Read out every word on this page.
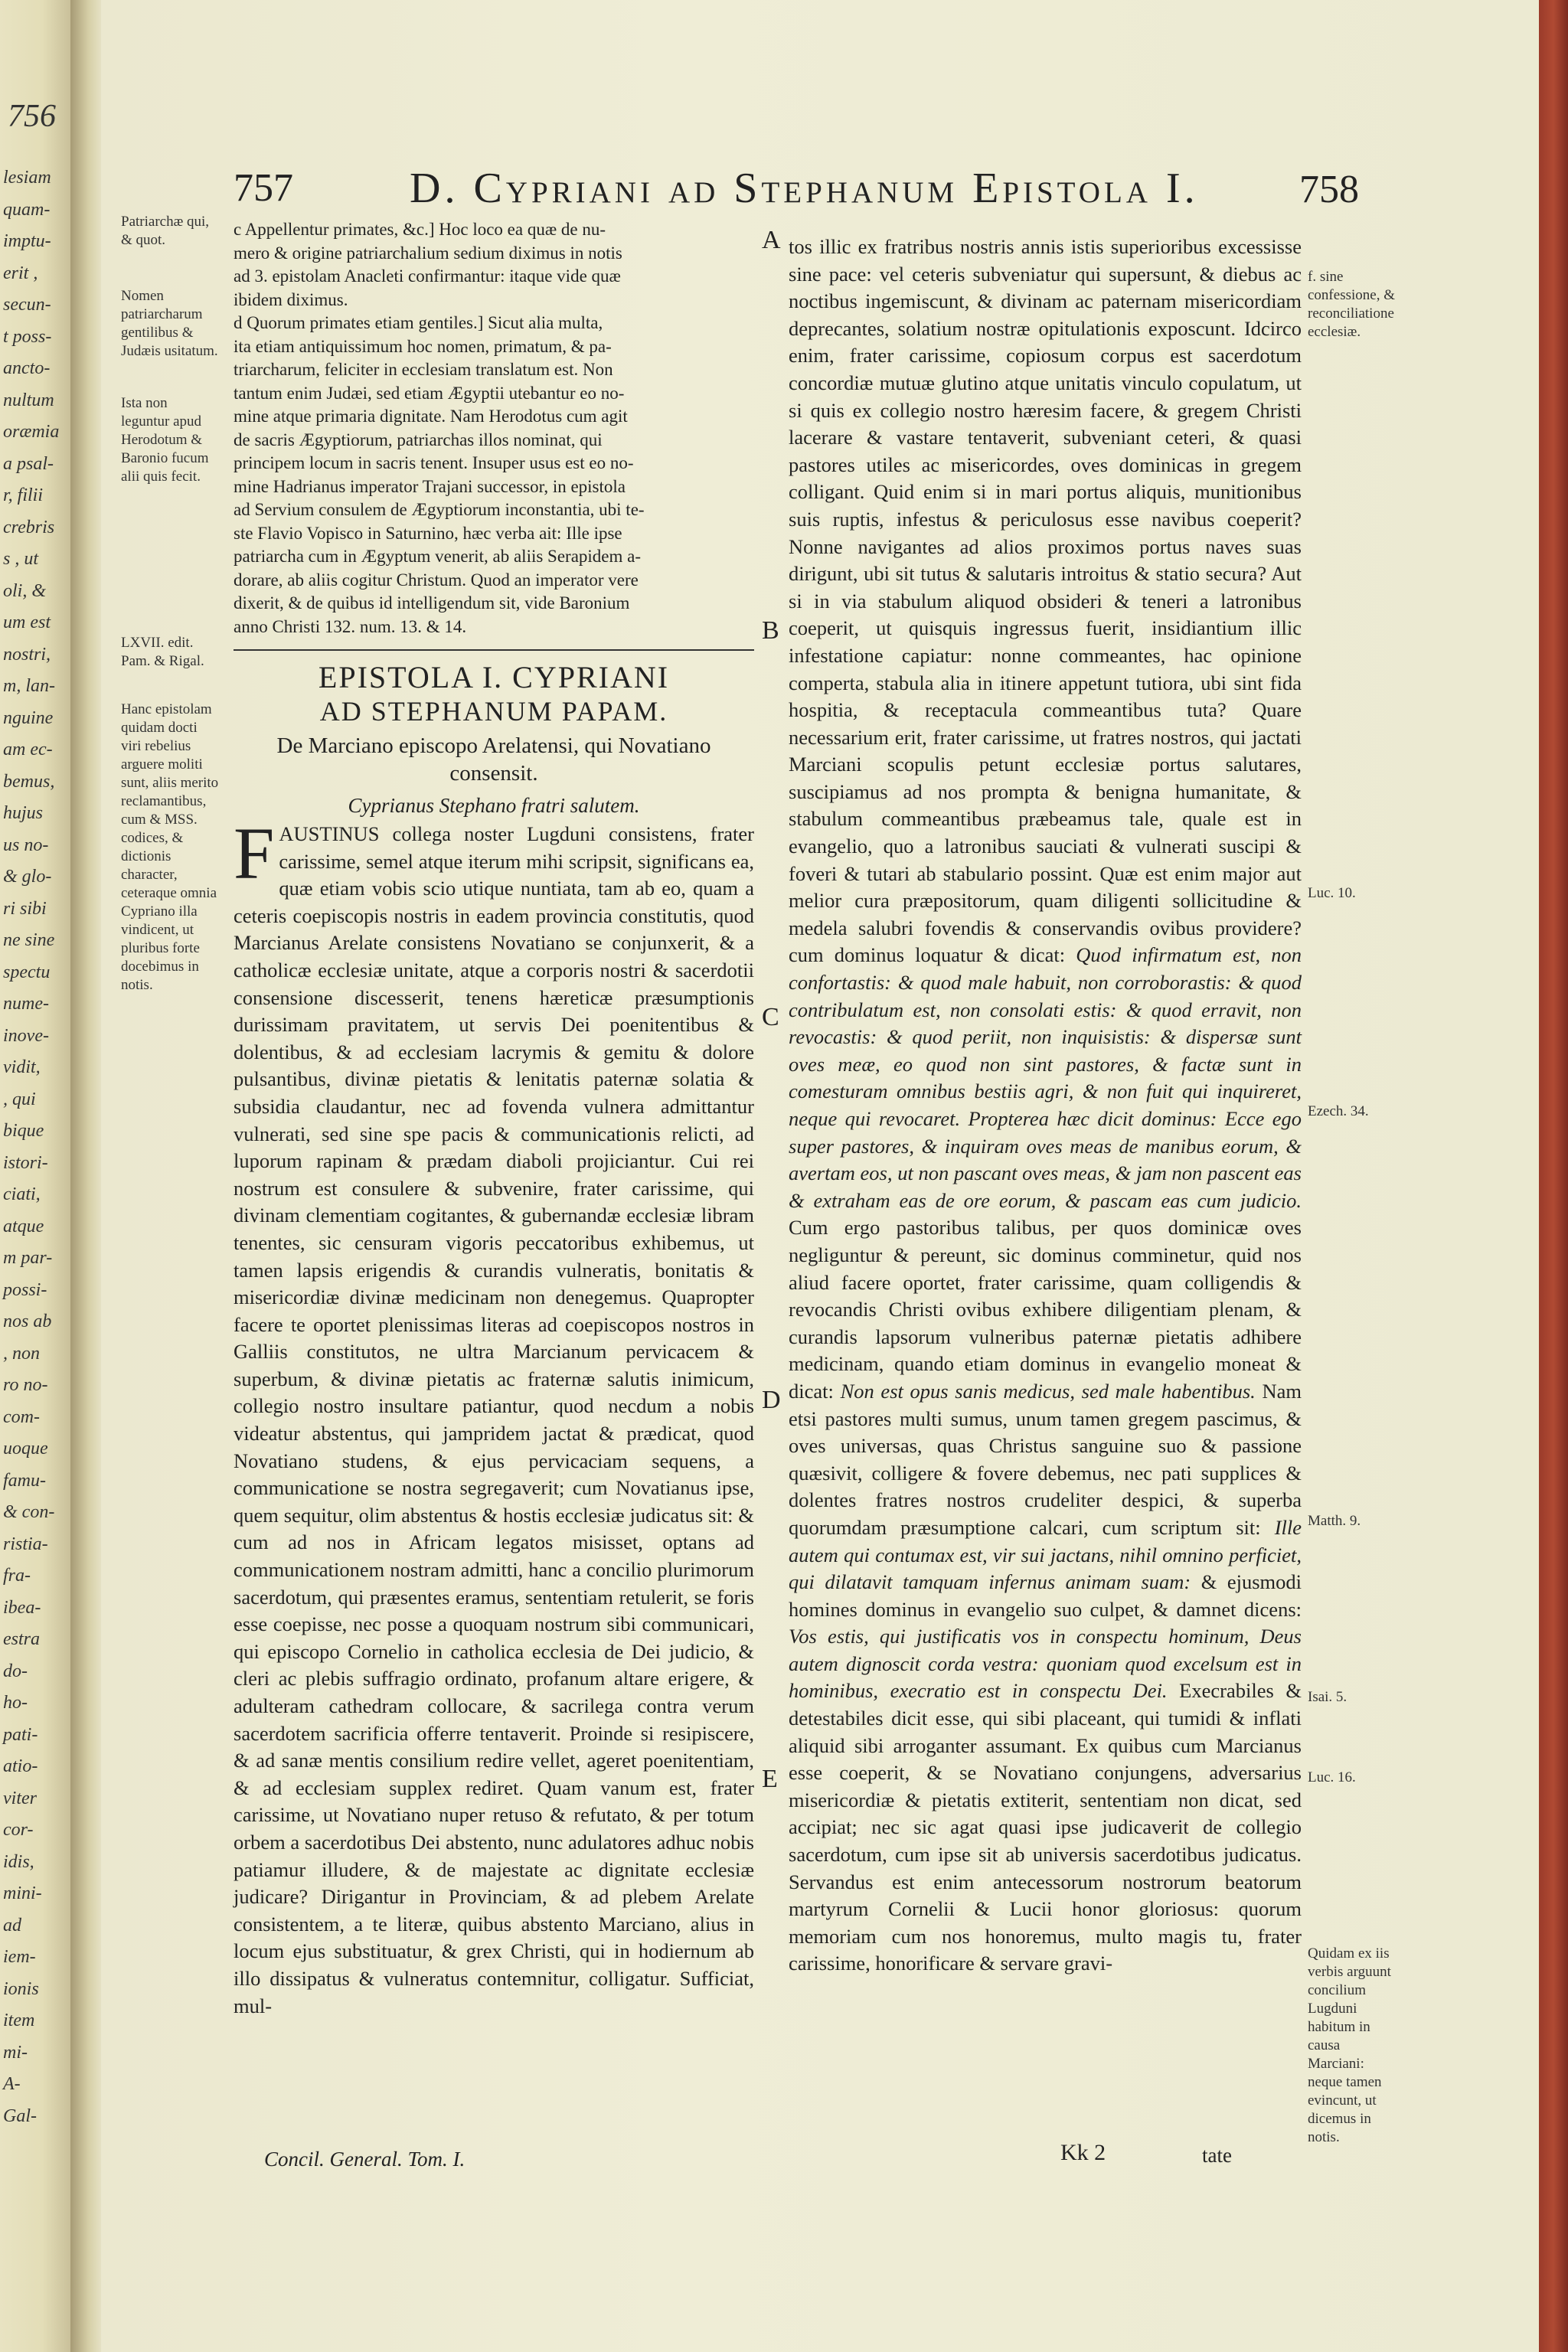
756
lesiam
quam-
imptu-
erit ,
secun-
t poss-
ancto-
nultum
oræmia
a psal-
r, filii
crebris
s , ut
oli, &
um est
nostri,
m, lan-
nguine
am ec-
bemus,
hujus
us no-
& glo-
ri sibi
ne sine
spectu
nume-
inove-
vidit,
, qui
bique
istori-
ciati,
atque
m par-
possi-
nos ab
, non
ro no-
com-
uoque
famu-
& con-
ristia-
fra-
ibea-
estra
do-
ho-
pati-
atio-
viter
cor-
idis,
mini-
ad
iem-
ionis
item
mi-
A-
Gal-
757	D. Cypriani ad Stephanum Epistola I.	758

c Appellentur primates, &c.] Hoc loco ea quæ de nu-

mero & origine patriarchalium sedium diximus in notis

ad 3. epistolam Anacleti confirmantur: itaque vide quæ

ibidem diximus.

d Quorum primates etiam gentiles.] Sicut alia multa,

ita etiam antiquissimum hoc nomen, primatum, & pa-

triarcharum, feliciter in ecclesiam translatum est. Non

tantum enim Judæi, sed etiam Ægyptii utebantur eo no-

mine atque primaria dignitate. Nam Herodotus cum agit

de sacris Ægyptiorum, patriarchas illos nominat, qui

principem locum in sacris tenent. Insuper usus est eo no-

mine Hadrianus imperator Trajani successor, in epistola

ad Servium consulem de Ægyptiorum inconstantia, ubi te-

ste Flavio Vopisco in Saturnino, hæc verba ait: Ille ipse

patriarcha cum in Ægyptum venerit, ab aliis Serapidem a-

dorare, ab aliis cogitur Christum. Quod an imperator vere

dixerit, & de quibus id intelligendum sit, vide Baronium

anno Christi 132. num. 13. & 14.

EPISTOLA I. CYPRIANI
AD STEPHANUM PAPAM.
De Marciano episcopo Arelatensi, qui Novatiano consensit.
Cyprianus Stephano fratri salutem.

FAUSTINUS collega noster Lugduni consistens, frater carissime, semel atque iterum mihi scripsit, significans ea, quæ etiam vobis scio utique nuntiata, tam ab eo, quam a ceteris coepiscopis nostris in eadem provincia constitutis, quod Marcianus Arelate consistens Novatiano se conjunxerit, & a catholicæ ecclesiæ unitate, atque a corporis nostri & sacerdotii consensione discesserit, tenens hæreticæ præsumptionis durissimam pravitatem, ut servis Dei poenitentibus & dolentibus, & ad ecclesiam lacrymis & gemitu & dolore pulsantibus, divinæ pietatis & lenitatis paternæ solatia & subsidia claudantur, nec ad fovenda vulnera admittantur vulnerati, sed sine spe pacis & communicationis relicti, ad luporum rapinam & prædam diaboli projiciantur. Cui rei nostrum est consulere & subvenire, frater carissime, qui divinam clementiam cogitantes, & gubernandæ ecclesiæ libram tenentes, sic censuram vigoris peccatoribus exhibemus, ut tamen lapsis erigendis & curandis vulneratis, bonitatis & misericordiæ divinæ medicinam non denegemus. Quapropter facere te oportet plenissimas literas ad coepiscopos nostros in Galliis constitutos, ne ultra Marcianum pervicacem & superbum, & divinæ pietatis ac fraternæ salutis inimicum, collegio nostro insultare patiantur, quod necdum a nobis videatur abstentus, qui jampridem jactat & prædicat, quod Novatiano studens, & ejus pervicaciam sequens, a communicatione se nostra segregaverit; cum Novatianus ipse, quem sequitur, olim abstentus & hostis ecclesiæ judicatus sit: & cum ad nos in Africam legatos misisset, optans ad communicationem nostram admitti, hanc a concilio plurimorum sacerdotum, qui præsentes eramus, sententiam retulerit, se foris esse coepisse, nec posse a quoquam nostrum sibi communicari, qui episcopo Cornelio in catholica ecclesia de Dei judicio, & cleri ac plebis suffragio ordinato, profanum altare erigere, & adulteram cathedram collocare, & sacrilega contra verum sacerdotem sacrificia offerre tentaverit. Proinde si resipiscere, & ad sanæ mentis consilium redire vellet, ageret poenitentiam, & ad ecclesiam supplex rediret. Quam vanum est, frater carissime, ut Novatiano nuper retuso & refutato, & per totum orbem a sacerdotibus Dei abstento, nunc adulatores adhuc nobis patiamur illudere, & de majestate ac dignitate ecclesiæ judicare? Dirigantur in Provinciam, & ad plebem Arelate consistentem, a te literæ, quibus abstento Marciano, alius in locum ejus substituatur, & grex Christi, qui in hodiernum ab illo dissipatus & vulneratus contemnitur, colligatur. Sufficiat, mul-

tos illic ex fratribus nostris annis istis superioribus excessisse sine pace: vel ceteris subveniatur qui supersunt, & diebus ac noctibus ingemiscunt, & divinam ac paternam misericordiam deprecantes, solatium nostræ opitulationis exposcunt. Idcirco enim, frater carissime, copiosum corpus est sacerdotum concordiæ mutuæ glutino atque unitatis vinculo copulatum, ut si quis ex collegio nostro hæresim facere, & gregem Christi lacerare & vastare tentaverit, subveniant ceteri, & quasi pastores utiles ac misericordes, oves dominicas in gregem colligant. Quid enim si in mari portus aliquis, munitionibus suis ruptis, infestus & periculosus esse navibus coeperit? Nonne navigantes ad alios proximos portus naves suas dirigunt, ubi sit tutus & salutaris introitus & statio secura? Aut si in via stabulum aliquod obsideri & teneri a latronibus coeperit, ut quisquis ingressus fuerit, insidiantium illic infestatione capiatur: nonne commeantes, hac opinione comperta, stabula alia in itinere appetunt tutiora, ubi sint fida hospitia, & receptacula commeantibus tuta? Quare necessarium erit, frater carissime, ut fratres nostros, qui jactati Marciani scopulis petunt ecclesiæ portus salutares, suscipiamus ad nos prompta & benigna humanitate, & stabulum commeantibus præbeamus tale, quale est in evangelio, quo a latronibus sauciati & vulnerati suscipi & foveri & tutari ab stabulario possint. Quæ est enim major aut melior cura præpositorum, quam diligenti sollicitudine & medela salubri fovendis & conservandis ovibus providere? cum dominus loquatur & dicat: Quod infirmatum est, non confortastis: & quod male habuit, non corroborastis: & quod contribulatum est, non consolati estis: & quod erravit, non revocastis: & quod periit, non inquisistis: & dispersæ sunt oves meæ, eo quod non sint pastores, & factæ sunt in comesturam omnibus bestiis agri, & non fuit qui inquireret, neque qui revocaret. Propterea hæc dicit dominus: Ecce ego super pastores, & inquiram oves meas de manibus eorum, & avertam eos, ut non pascant oves meas, & jam non pascent eas & extraham eas de ore eorum, & pascam eas cum judicio. Cum ergo pastoribus talibus, per quos dominicæ oves negliguntur & pereunt, sic dominus comminetur, quid nos aliud facere oportet, frater carissime, quam colligendis & revocandis Christi ovibus exhibere diligentiam plenam, & curandis lapsorum vulneribus paternæ pietatis adhibere medicinam, quando etiam dominus in evangelio moneat & dicat: Non est opus sanis medicus, sed male habentibus. Nam etsi pastores multi sumus, unum tamen gregem pascimus, & oves universas, quas Christus sanguine suo & passione quæsivit, colligere & fovere debemus, nec pati supplices & dolentes fratres nostros crudeliter despici, & superba quorumdam præsumptione calcari, cum scriptum sit: Ille autem qui contumax est, vir sui jactans, nihil omnino perficiet, qui dilatavit tamquam infernus animam suam: & ejusmodi homines dominus in evangelio suo culpet, & damnet dicens: Vos estis, qui justificatis vos in conspectu hominum, Deus autem dignoscit corda vestra: quoniam quod excelsum est in hominibus, execratio est in conspectu Dei. Execrabiles & detestabiles dicit esse, qui sibi placeant, qui tumidi & inflati aliquid sibi arroganter assumant. Ex quibus cum Marcianus esse coeperit, & se Novatiano conjungens, adversarius misericordiæ & pietatis extiterit, sententiam non dicat, sed accipiat; nec sic agat quasi ipse judicaverit de collegio sacerdotum, cum ipse sit ab universis sacerdotibus judicatus. Servandus est enim antecessorum nostrorum beatorum martyrum Cornelii & Lucii honor gloriosus: quorum memoriam cum nos honoremus, multo magis tu, frater carissime, honorificare & servare gravi-

Patriarchæ qui, & quot.
Nomen patriarcharum gentilibus & Judæis usitatum.
Ista non leguntur apud Herodotum & Baronio fucum alii quis fecit.
LXVII. edit. Pam. & Rigal.
Hanc epistolam quidam docti viri rebelius arguere moliti sunt, aliis merito reclamantibus, cum & MSS. codices, & dictionis character, ceteraque omnia Cypriano illa vindicent, ut pluribus forte docebimus in notis.
f. sine confessione, & reconciliatione ecclesiæ.
Luc. 10.
Ezech. 34.
Matth. 9.
Isai. 5.
Luc. 16.
Quidam ex iis verbis arguunt concilium Lugduni habitum in causa Marciani: neque tamen evincunt, ut dicemus in notis.
A
B
C
D
E
Concil. General. Tom. I.	Kk 2	tate
